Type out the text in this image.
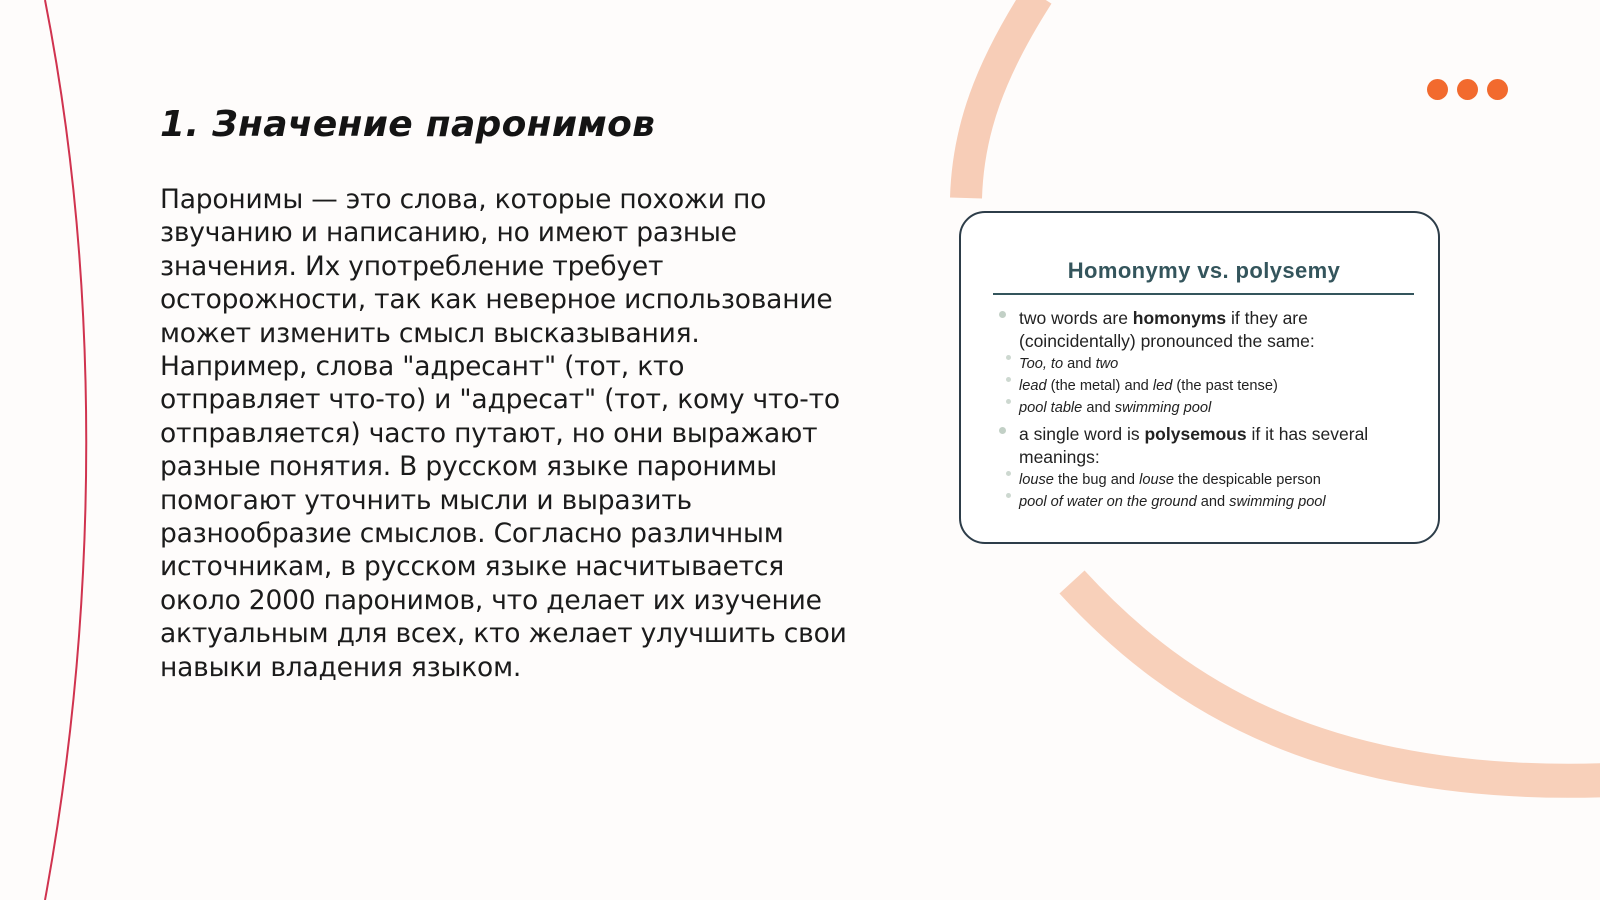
1. Значение паронимов

Паронимы — это слова, которые похожи по звучанию и написанию, но имеют разные значения. Их употребление требует осторожности, так как неверное использование может изменить смысл высказывания. Например, слова "адресант" (тот, кто отправляет что-то) и "адресат" (тот, кому что-то отправляется) часто путают, но они выражают разные понятия. В русском языке паронимы помогают уточнить мысли и выразить разнообразие смыслов. Согласно различным источникам, в русском языке насчитывается около 2000 паронимов, что делает их изучение актуальным для всех, кто желает улучшить свои навыки владения языком.

Homonymy vs. polysemy
two words are homonyms if they are (coincidentally) pronounced the same:
Too, to and two
lead (the metal) and led (the past tense)
pool table and swimming pool
a single word is polysemous if it has several meanings:
louse the bug and louse the despicable person
pool of water on the ground and swimming pool
